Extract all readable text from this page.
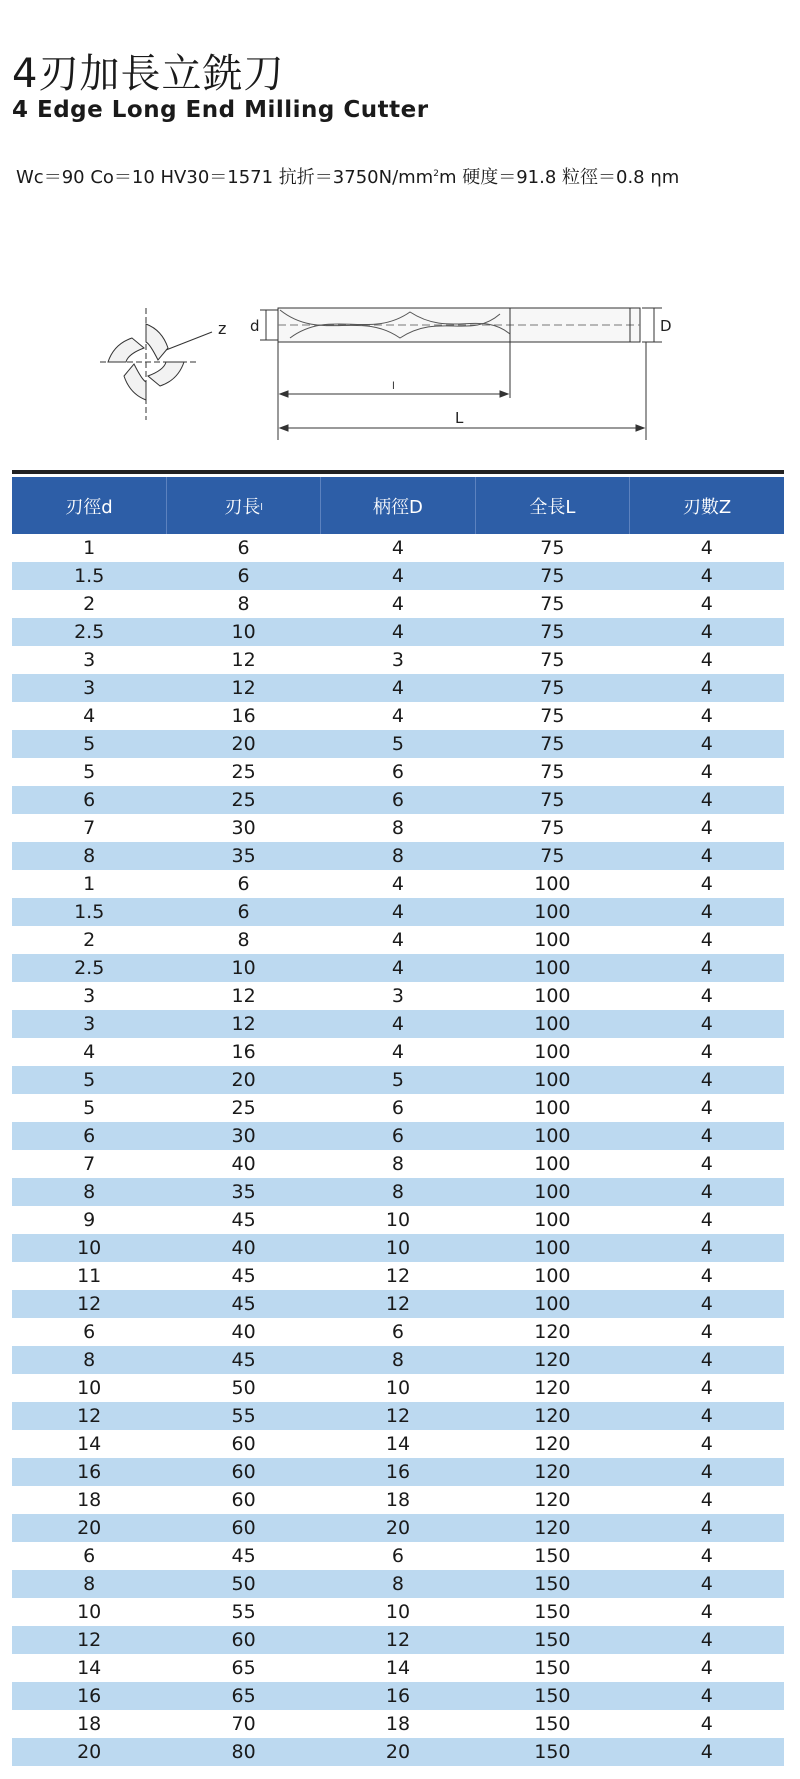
4刃加長立銑刀
4 Edge Long End Milling Cutter
Wc＝90 Co＝10 HV30＝1571 抗折$=3750N/mm^2m$ 硬度＝91.8 粒徑＝0.8 ηm
z d	D
l
L
刃徑d	刃長l	柄徑D	全長L	刃數Z
1	6	4	75	4
1.5	6	4	75	4
2	8	4	75	4
2.5	10	4	75	4
3	12	3	75	4
3	12	4	75	4
4	16	4	75	4
5	20	5	75	4
5	25	6	75	4
6	25	6	75	4
7	30	8	75	4
8	35	8	75	4
1	6	4	100	4
1.5	6	4	100	4
2	8	4	100	4
2.5	10	4	100	4
3	12	3	100	4
3	12	4	100	4
4	16	4	100	4
5	20	5	100	4
5	25	6	100	4
6	30	6	100	4
7	40	8	100	4
8	35	8	100	4
9	45	10	100	4
10	40	10	100	4
11	45	12	100	4
12	45	12	100	4
6	40	6	120	4
8	45	8	120	4
10	50	10	120	4
12	55	12	120	4
14	60	14	120	4
16	60	16	120	4
18	60	18	120	4
20	60	20	120	4
6	45	6	150	4
8	50	8	150	4
10	55	10	150	4
12	60	12	150	4
14	65	14	150	4
16	65	16	150	4
18	70	18	150	4
20	80	20	150	4
